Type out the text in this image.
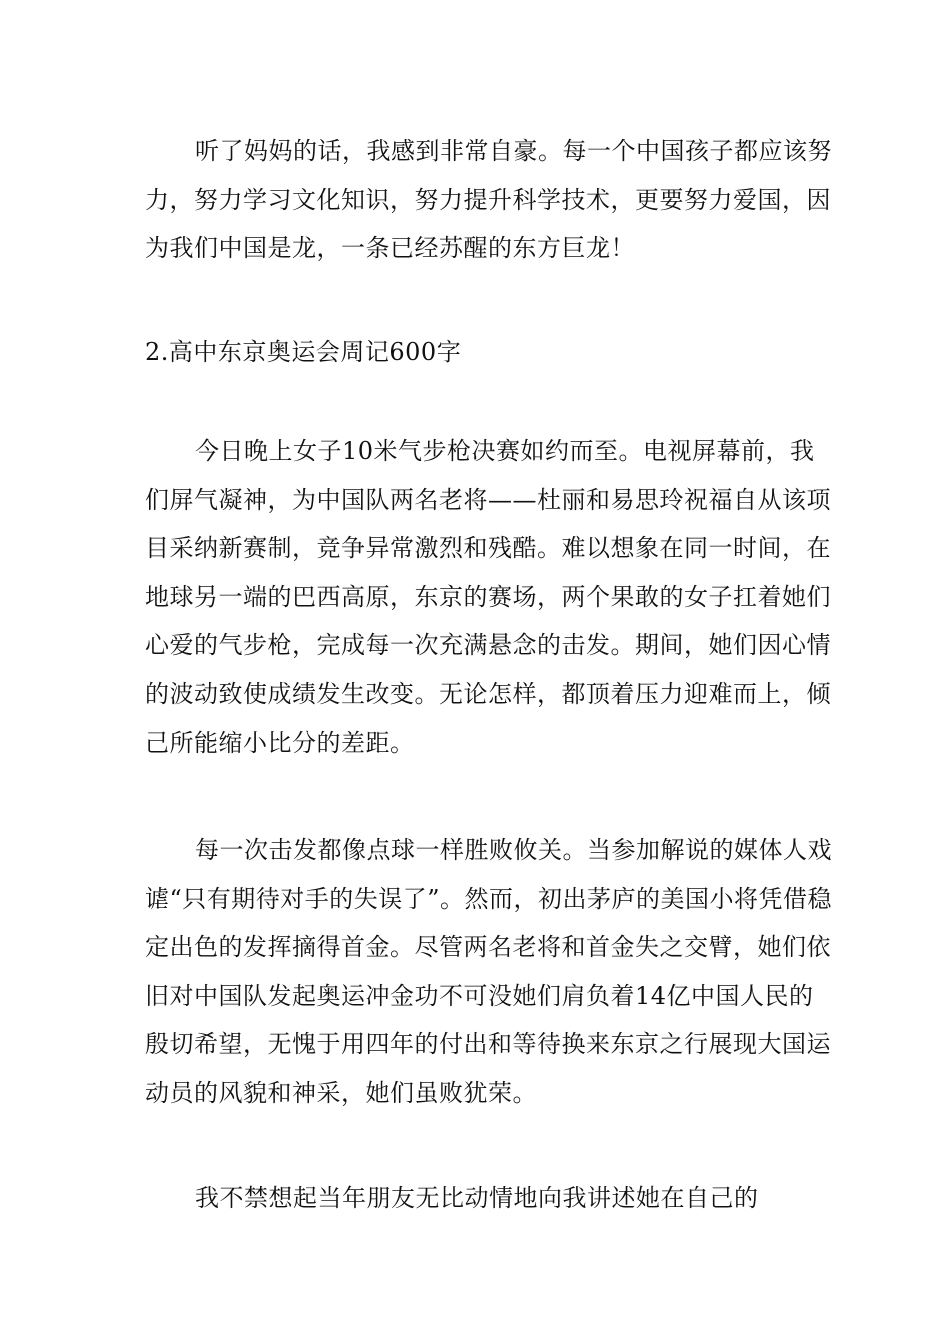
听了妈妈的话，我感到非常自豪。每一个中国孩子都应该努力，努力学习文化知识，努力提升科学技术，更要努力爱国，因为我们中国是龙，一条已经苏醒的东方巨龙！

2.高中东京奥运会周记600字

今日晚上女子10米气步枪决赛如约而至。电视屏幕前，我们屏气凝神，为中国队两名老将——杜丽和易思玲祝福自从该项目采纳新赛制，竞争异常激烈和残酷。难以想象在同一时间，在地球另一端的巴西高原，东京的赛场，两个果敢的女子扛着她们心爱的气步枪，完成每一次充满悬念的击发。期间，她们因心情的波动致使成绩发生改变。无论怎样，都顶着压力迎难而上，倾己所能缩小比分的差距。

每一次击发都像点球一样胜败攸关。当参加解说的媒体人戏谑“只有期待对手的失误了”。然而，初出茅庐的美国小将凭借稳定出色的发挥摘得首金。尽管两名老将和首金失之交臂，她们依旧对中国队发起奥运冲金功不可没她们肩负着14亿中国人民的殷切希望，无愧于用四年的付出和等待换来东京之行展现大国运动员的风貌和神采，她们虽败犹荣。

我不禁想起当年朋友无比动情地向我讲述她在自己的
